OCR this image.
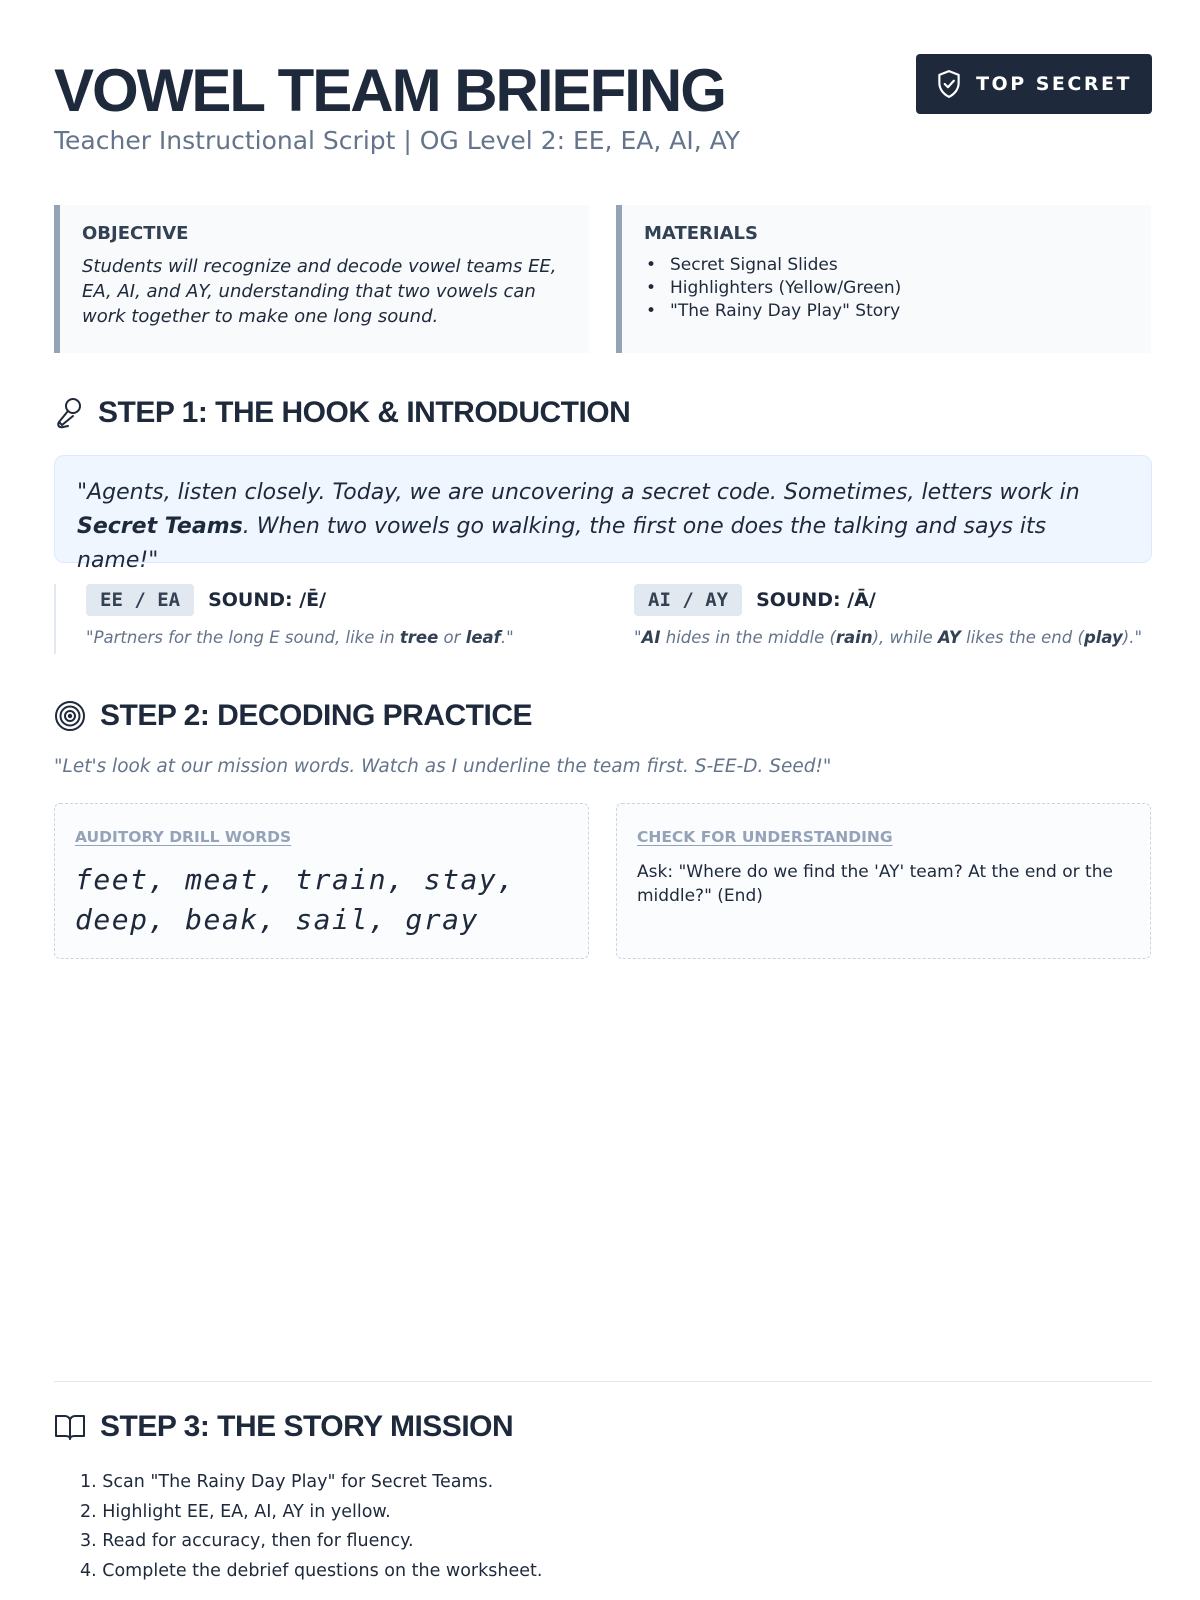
VOWEL TEAM BRIEFING
Teacher Instructional Script | OG Level 2: EE, EA, AI, AY
TOP SECRET
OBJECTIVE

Students will recognize and decode vowel teams EE, EA, AI, and AY, understanding that two vowels can work together to make one long sound.

MATERIALS
• Secret Signal Slides
• Highlighters (Yellow/Green)
• "The Rainy Day Play" Story
STEP 1: THE HOOK & INTRODUCTION
"Agents, listen closely. Today, we are uncovering a secret code. Sometimes, letters work in Secret Teams. When two vowels go walking, the first one does the talking and says its name!"
EE / EA	SOUND: /Ē/
"Partners for the long E sound, like in tree or leaf."
AI / AY	SOUND: /Ā/
"AI hides in the middle (rain), while AY likes the end (play)."
STEP 2: DECODING PRACTICE
"Let's look at our mission words. Watch as I underline the team first. S-EE-D. Seed!"
AUDITORY DRILL WORDS
feet, meat, train, stay, deep, beak, sail, gray
CHECK FOR UNDERSTANDING
Ask: "Where do we find the 'AY' team? At the end or the middle?" (End)
STEP 3: THE STORY MISSION
1. Scan "The Rainy Day Play" for Secret Teams.
2. Highlight EE, EA, AI, AY in yellow.
3. Read for accuracy, then for fluency.
4. Complete the debrief questions on the worksheet.
